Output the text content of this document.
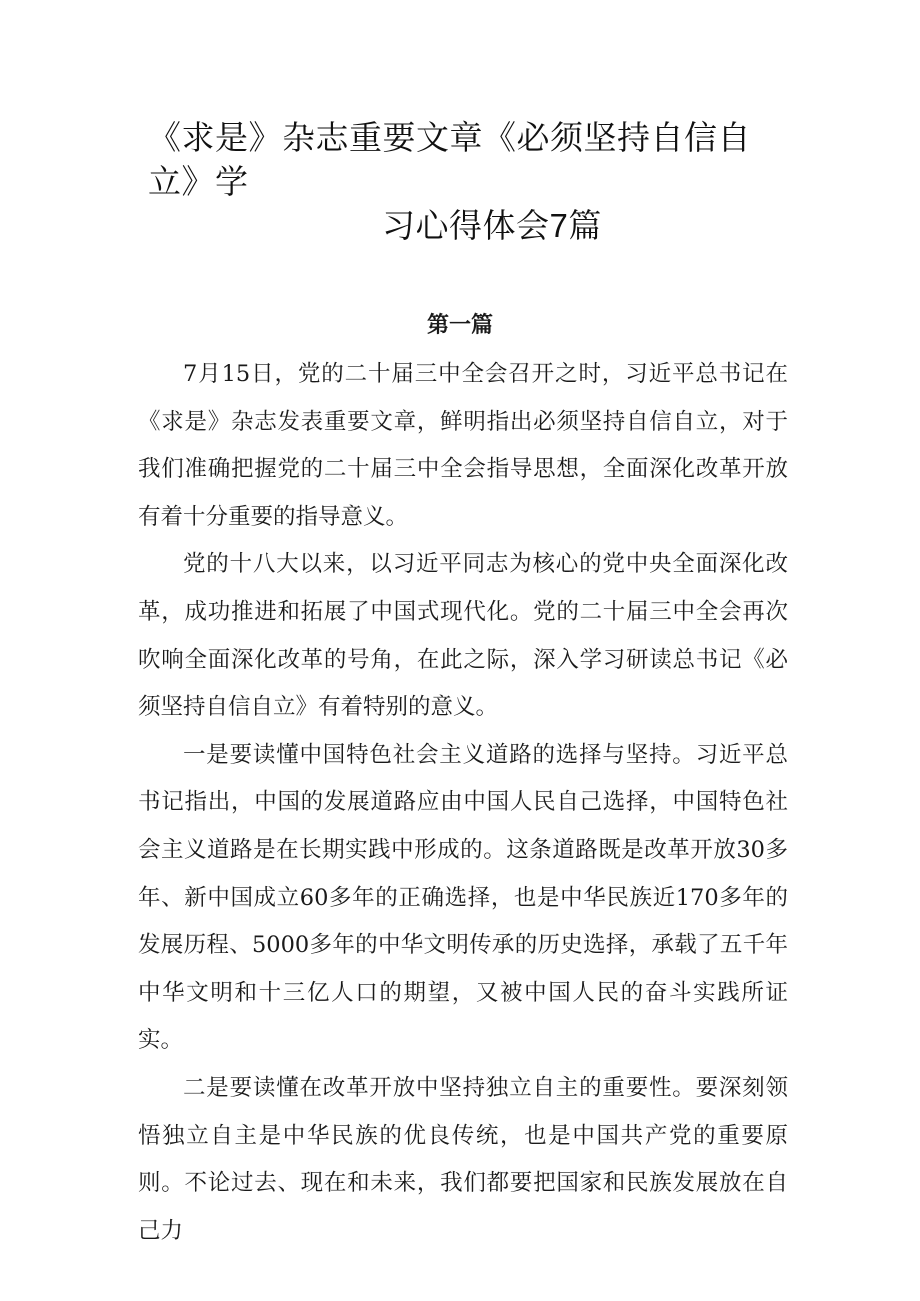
《求是》杂志重要文章《必须坚持自信自立》学
习心得体会7篇
第一篇

7月15日，党的二十届三中全会召开之时，习近平总书记在《求是》杂志发表重要文章，鲜明指出必须坚持自信自立，对于我们准确把握党的二十届三中全会指导思想，全面深化改革开放有着十分重要的指导意义。

党的十八大以来，以习近平同志为核心的党中央全面深化改革，成功推进和拓展了中国式现代化。党的二十届三中全会再次吹响全面深化改革的号角，在此之际，深入学习研读总书记《必须坚持自信自立》有着特别的意义。

一是要读懂中国特色社会主义道路的选择与坚持。习近平总书记指出，中国的发展道路应由中国人民自己选择，中国特色社会主义道路是在长期实践中形成的。这条道路既是改革开放30多年、新中国成立60多年的正确选择，也是中华民族近170多年的发展历程、5000多年的中华文明传承的历史选择，承载了五千年中华文明和十三亿人口的期望，又被中国人民的奋斗实践所证实。

二是要读懂在改革开放中坚持独立自主的重要性。要深刻领悟独立自主是中华民族的优良传统，也是中国共产党的重要原则。不论过去、现在和未来，我们都要把国家和民族发展放在自己力
